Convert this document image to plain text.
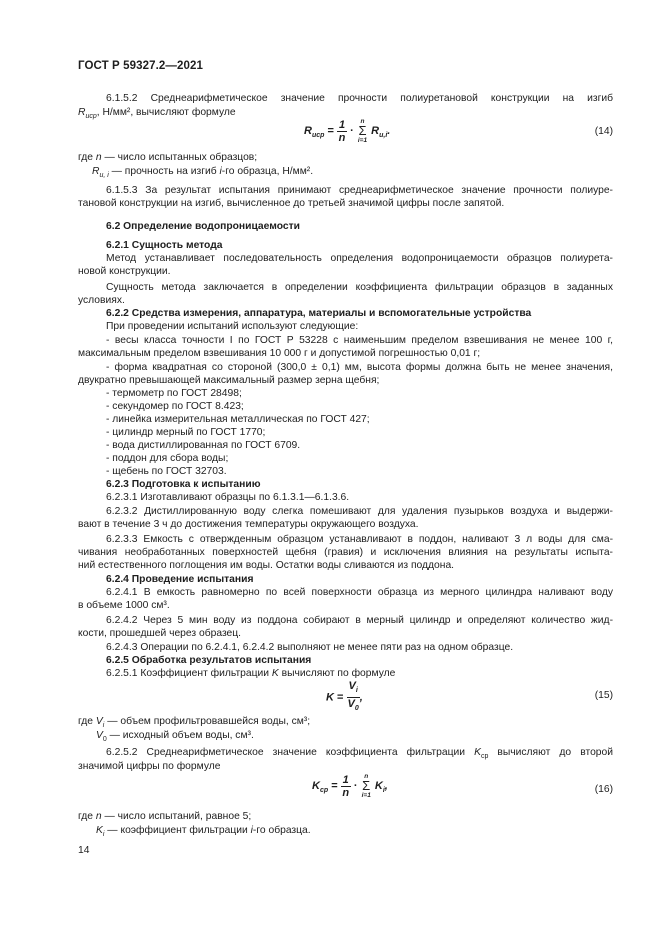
ГОСТ Р 59327.2—2021
6.1.5.2 Среднеарифметическое значение прочности полиуретановой конструкции на изгиб
$R_{uср}$, Н/мм², вычисляют формуле
$R_{иср} = \frac{1}{n}$ ·
n
Σ
i=1
$R_{u,i}$.	(14)
где n — число испытанных образцов;
$R_{u, i}$ — прочность на изгиб i-го образца, Н/мм².
6.1.5.3 За результат испытания принимают среднеарифметическое значение прочности полиуре-
тановой конструкции на изгиб, вычисленное до третьей значимой цифры после запятой.
6.2 Определение водопроницаемости
6.2.1 Сущность метода
Метод устанавливает последовательность определения водопроницаемости образцов полиурета-
новой конструкции.
Сущность метода заключается в определении коэффициента фильтрации образцов в заданных
условиях.
6.2.2 Средства измерения, аппаратура, материалы и вспомогательные устройства
При проведении испытаний используют следующие:
- весы класса точности I по ГОСТ Р 53228 с наименьшим пределом взвешивания не менее 100 г,
максимальным пределом взвешивания 10 000 г и допустимой погрешностью 0,01 г;
- форма квадратная со стороной (300,0 ± 0,1) мм, высота формы должна быть не менее значения,
двукратно превышающей максимальный размер зерна щебня;
- термометр по ГОСТ 28498;
- секундомер по ГОСТ 8.423;
- линейка измерительная металлическая по ГОСТ 427;
- цилиндр мерный по ГОСТ 1770;
- вода дистиллированная по ГОСТ 6709.
- поддон для сбора воды;
- щебень по ГОСТ 32703.
6.2.3 Подготовка к испытанию
6.2.3.1 Изготавливают образцы по 6.1.3.1—6.1.3.6.
6.2.3.2 Дистиллированную воду слегка помешивают для удаления пузырьков воздуха и выдержи-
вают в течение 3 ч до достижения температуры окружающего воздуха.
6.2.3.3 Емкость с отвержденным образцом устанавливают в поддон, наливают 3 л воды для сма-
чивания необработанных поверхностей щебня (гравия) и исключения влияния на результаты испыта-
ний естественного поглощения им воды. Остатки воды сливаются из поддона.
6.2.4 Проведение испытания
6.2.4.1 В емкость равномерно по всей поверхности образца из мерного цилиндра наливают воду
в объеме 1000 см³.
6.2.4.2 Через 5 мин воду из поддона собирают в мерный цилиндр и определяют количество жид-
кости, прошедшей через образец.
6.2.4.3 Операции по 6.2.4.1, 6.2.4.2 выполняют не менее пяти раз на одном образце.
6.2.5 Обработка результатов испытания
6.2.5.1 Коэффициент фильтрации K вычисляют по формуле
$K = \frac{V_i}{V_0}$ ,	(15)
где $V_i$ — объем профильтровавшейся воды, см³;
$V_0$ — исходный объем воды, см³.
6.2.5.2 Среднеарифметическое значение коэффициента фильтрации $K_{ср}$ вычисляют до второй
значимой цифры по формуле
$K_{ср} = \frac{1}{n}$ ·
n
Σ
i=1
$K_i$,	(16)
где n — число испытаний, равное 5;
$K_i$ — коэффициент фильтрации i-го образца.
14
